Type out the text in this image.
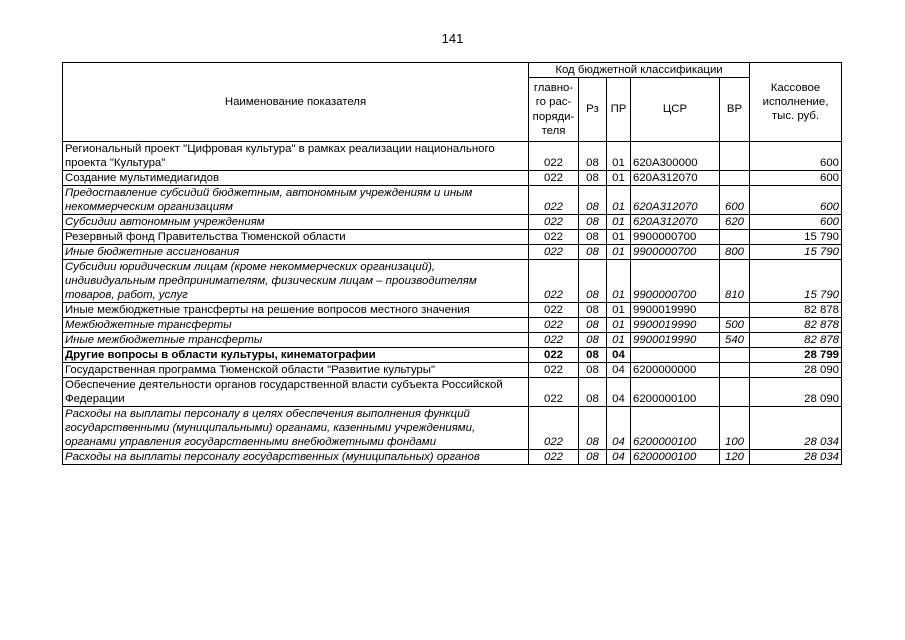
141
Наименование показателя	Код бюджетной классификации					Кассовое
исполнение,
тыс. руб.

	главно-
го рас-
поряди-
теля	Рз	ПР	ЦСР	ВР	
Региональный проект "Цифровая культура" в рамках реализации национального проекта "Культура"	022	08	01	620A300000		600
Создание мультимедиагидов	022	08	01	620A312070		600
Предоставление субсидий бюджетным, автономным учреждениям и иным некоммерческим организациям	022	08	01	620A312070	600	600
Субсидии автономным учреждениям	022	08	01	620A312070	620	600
Резервный фонд Правительства Тюменской области	022	08	01	9900000700		15 790
Иные бюджетные ассигнования	022	08	01	9900000700	800	15 790
Субсидии юридическим лицам (кроме некоммерческих организаций), индивидуальным предпринимателям, физическим лицам – производителям товаров, работ, услуг	022	08	01	9900000700	810	15 790
Иные межбюджетные трансферты на решение вопросов местного значения	022	08	01	9900019990		82 878
Межбюджетные трансферты	022	08	01	9900019990	500	82 878
Иные межбюджетные трансферты	022	08	01	9900019990	540	82 878
Другие вопросы в области культуры, кинематографии	022	08	04			28 799
Государственная программа Тюменской области "Развитие культуры"	022	08	04	6200000000		28 090
Обеспечение деятельности органов государственной власти субъекта Российской Федерации	022	08	04	6200000100		28 090
Расходы на выплаты персоналу в целях обеспечения выполнения функций государственными (муниципальными) органами, казенными учреждениями, органами управления государственными внебюджетными фондами	022	08	04	6200000100	100	28 034
Расходы на выплаты персоналу государственных (муниципальных) органов	022	08	04	6200000100	120	28 034
